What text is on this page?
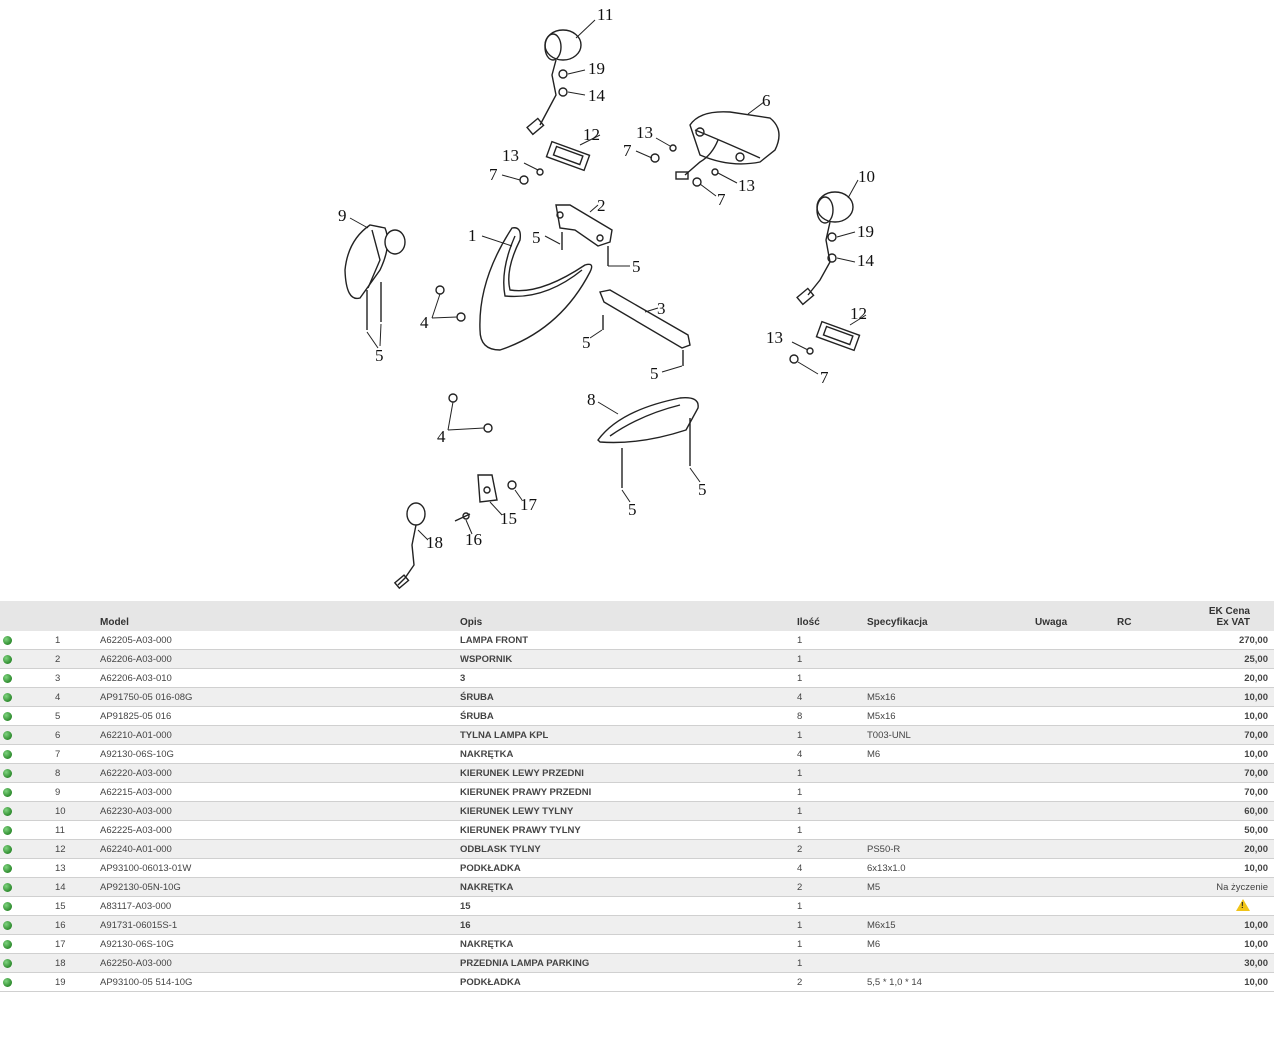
11
19
14
12
13
7
6
13
7
13
7
10
19
14
12
13
7
9
5
1
2
5
5
3
5
5
4
4
8
5
5
17
15
16
18

		Model	Opis	Ilość	Specyfikacja	Uwaga	RC	EK Cena
Ex VAT

	1	A62205-A03-000	LAMPA FRONT	1				270,00

	2	A62206-A03-000	WSPORNIK	1				25,00

	3	A62206-A03-010	3	1				20,00

	4	AP91750-05 016-08G	ŚRUBA	4	M5x16			10,00

	5	AP91825-05 016	ŚRUBA	8	M5x16			10,00

	6	A62210-A01-000	TYLNA LAMPA KPL	1	T003-UNL			70,00

	7	A92130-06S-10G	NAKRĘTKA	4	M6			10,00

	8	A62220-A03-000	KIERUNEK LEWY PRZEDNI	1				70,00

	9	A62215-A03-000	KIERUNEK PRAWY PRZEDNI	1				70,00

	10	A62230-A03-000	KIERUNEK LEWY TYLNY	1				60,00

	11	A62225-A03-000	KIERUNEK PRAWY TYLNY	1				50,00

	12	A62240-A01-000	ODBLASK TYLNY	2	PS50-R			20,00

	13	AP93100-06013-01W	PODKŁADKA	4	6x13x1.0			10,00

	14	AP92130-05N-10G	NAKRĘTKA	2	M5			Na życzenie

	15	A83117-A03-000	15	1				!

	16	A91731-06015S-1	16	1	M6x15			10,00

	17	A92130-06S-10G	NAKRĘTKA	1	M6			10,00

	18	A62250-A03-000	PRZEDNIA LAMPA PARKING	1				30,00

	19	AP93100-05 514-10G	PODKŁADKA	2	5,5 * 1,0 * 14			10,00
